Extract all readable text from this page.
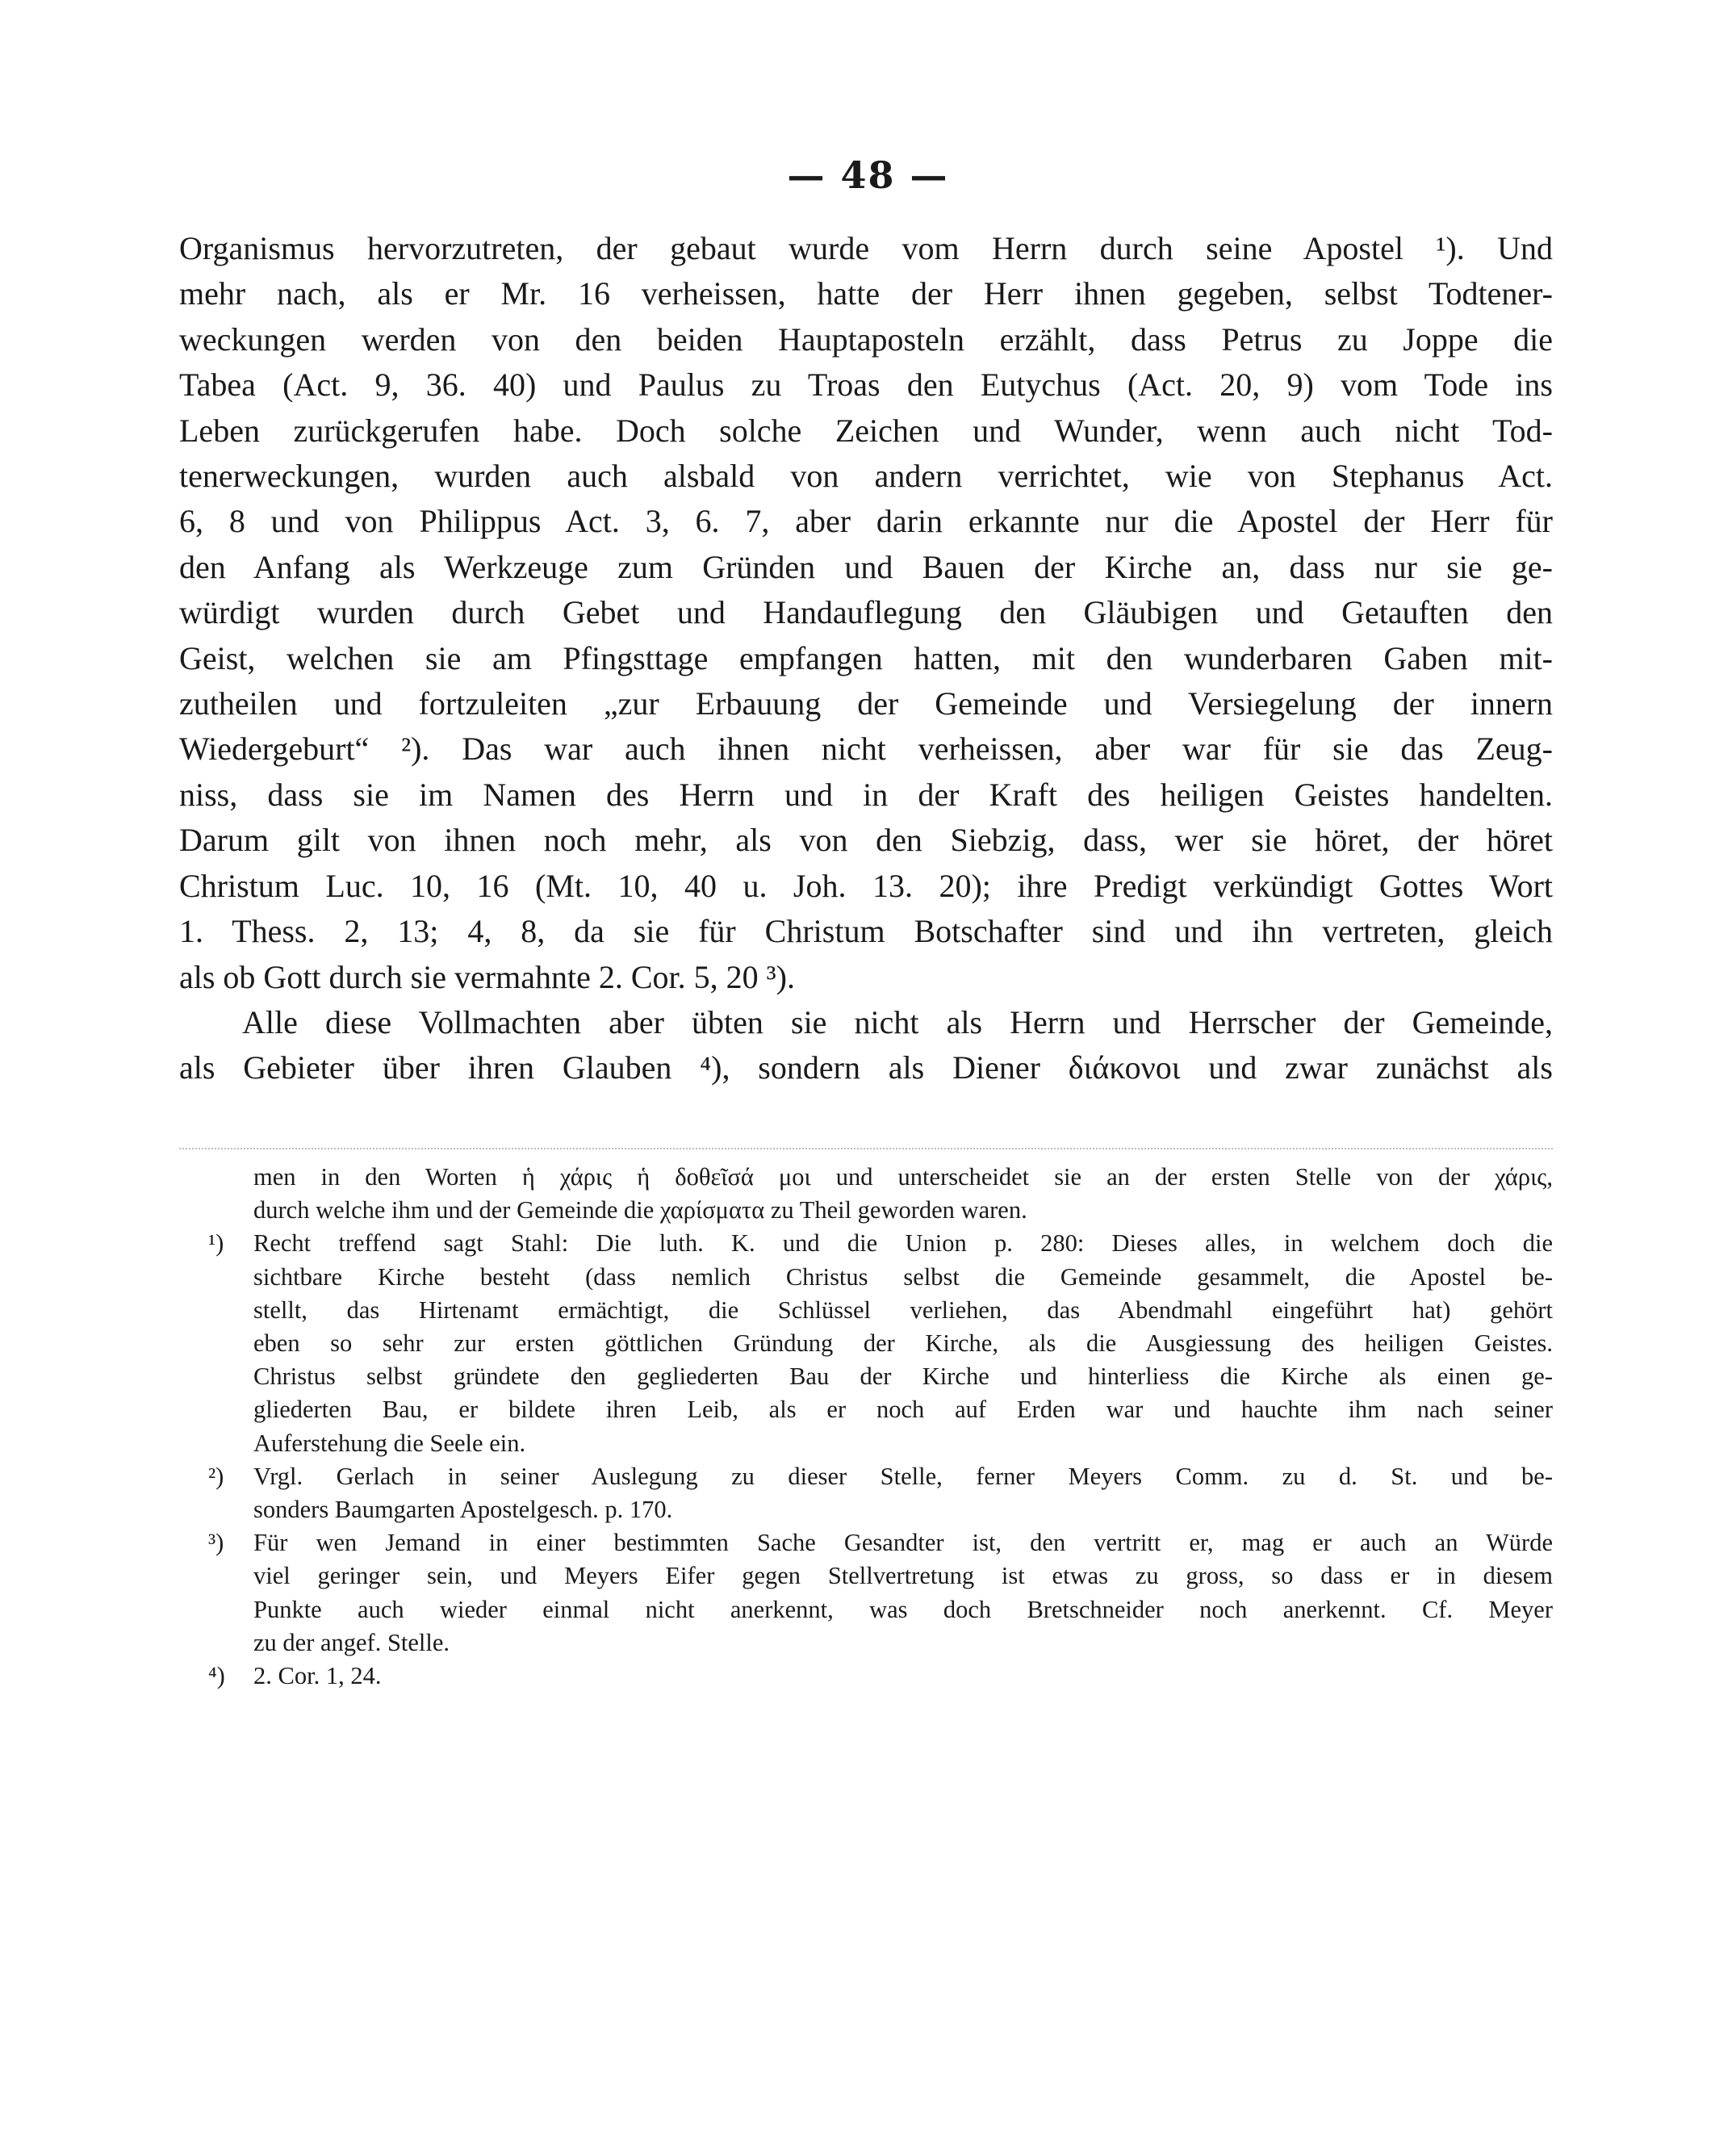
— 48 —
Organismus hervorzutreten, der gebaut wurde vom Herrn durch seine Apostel ¹). Und
mehr nach, als er Mr. 16 verheissen, hatte der Herr ihnen gegeben, selbst Todtener-
weckungen werden von den beiden Hauptaposteln erzählt, dass Petrus zu Joppe die
Tabea (Act. 9, 36. 40) und Paulus zu Troas den Eutychus (Act. 20, 9) vom Tode ins
Leben zurückgerufen habe. Doch solche Zeichen und Wunder, wenn auch nicht Tod-
tenerweckungen, wurden auch alsbald von andern verrichtet, wie von Stephanus Act.
6, 8 und von Philippus Act. 3, 6. 7, aber darin erkannte nur die Apostel der Herr für
den Anfang als Werkzeuge zum Gründen und Bauen der Kirche an, dass nur sie ge-
würdigt wurden durch Gebet und Handauflegung den Gläubigen und Getauften den
Geist, welchen sie am Pfingsttage empfangen hatten, mit den wunderbaren Gaben mit-
zutheilen und fortzuleiten „zur Erbauung der Gemeinde und Versiegelung der innern
Wiedergeburt“ ²). Das war auch ihnen nicht verheissen, aber war für sie das Zeug-
niss, dass sie im Namen des Herrn und in der Kraft des heiligen Geistes handelten.
Darum gilt von ihnen noch mehr, als von den Siebzig, dass, wer sie höret, der höret
Christum Luc. 10, 16 (Mt. 10, 40 u. Joh. 13. 20); ihre Predigt verkündigt Gottes Wort
1. Thess. 2, 13; 4, 8, da sie für Christum Botschafter sind und ihn vertreten, gleich
als ob Gott durch sie vermahnte 2. Cor. 5, 20 ³).
Alle diese Vollmachten aber übten sie nicht als Herrn und Herrscher der Gemeinde,
als Gebieter über ihren Glauben ⁴), sondern als Diener διάκονοι und zwar zunächst als
men in den Worten ἡ χάρις ἡ δοθεῖσά μοι und unterscheidet sie an der ersten Stelle von der χάρις,
durch welche ihm und der Gemeinde die χαρίσματα zu Theil geworden waren.
¹) Recht treffend sagt Stahl: Die luth. K. und die Union p. 280: Dieses alles, in welchem doch die
sichtbare Kirche besteht (dass nemlich Christus selbst die Gemeinde gesammelt, die Apostel be-
stellt, das Hirtenamt ermächtigt, die Schlüssel verliehen, das Abendmahl eingeführt hat) gehört
eben so sehr zur ersten göttlichen Gründung der Kirche, als die Ausgiessung des heiligen Geistes.
Christus selbst gründete den gegliederten Bau der Kirche und hinterliess die Kirche als einen ge-
gliederten Bau, er bildete ihren Leib, als er noch auf Erden war und hauchte ihm nach seiner
Auferstehung die Seele ein.
²) Vrgl. Gerlach in seiner Auslegung zu dieser Stelle, ferner Meyers Comm. zu d. St. und be-
sonders Baumgarten Apostelgesch. p. 170.
³) Für wen Jemand in einer bestimmten Sache Gesandter ist, den vertritt er, mag er auch an Würde
viel geringer sein, und Meyers Eifer gegen Stellvertretung ist etwas zu gross, so dass er in diesem
Punkte auch wieder einmal nicht anerkennt, was doch Bretschneider noch anerkennt. Cf. Meyer
zu der angef. Stelle.
⁴) 2. Cor. 1, 24.
